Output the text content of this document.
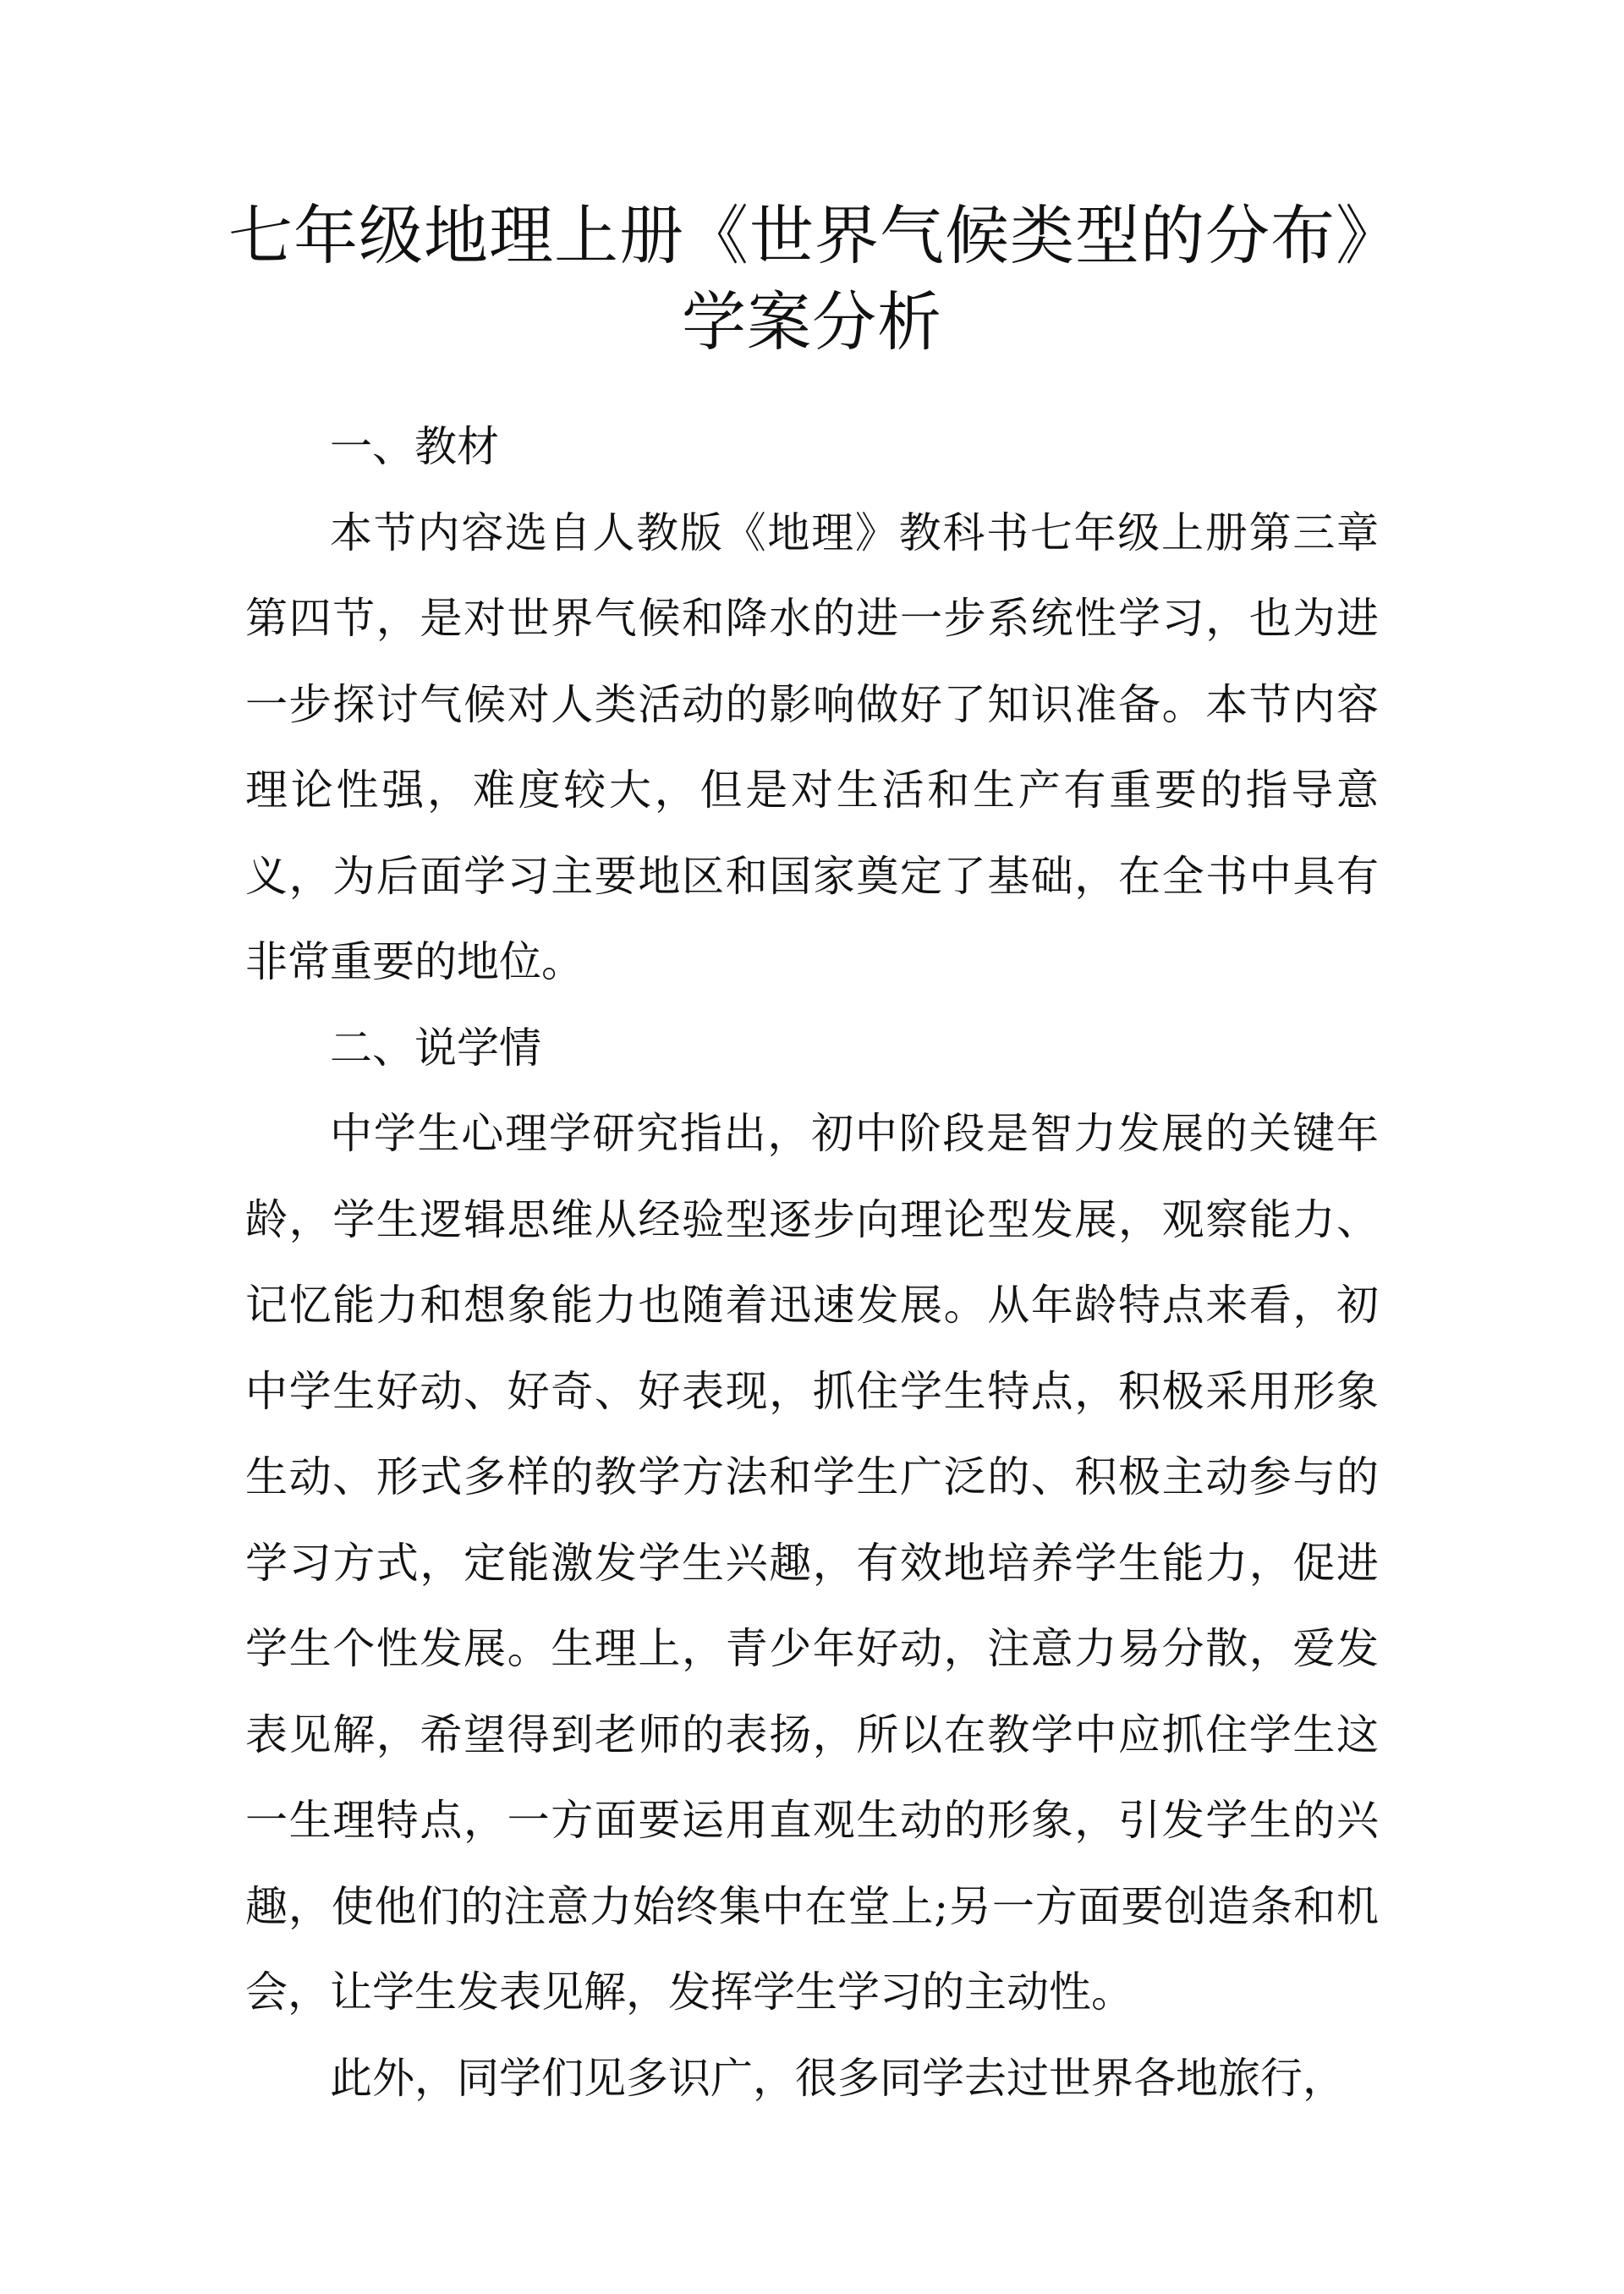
七年级地理上册《世界气候类型的分布》
学案分析

一、教材

本节内容选自人教版《地理》教科书七年级上册第三章第四节，是对世界气候和降水的进一步系统性学习，也为进一步探讨气候对人类活动的影响做好了知识准备。本节内容理论性强，难度较大，但是对生活和生产有重要的指导意义，为后面学习主要地区和国家奠定了基础，在全书中具有非常重要的地位。

二、说学情

中学生心理学研究指出，初中阶段是智力发展的关键年龄，学生逻辑思维从经验型逐步向理论型发展，观察能力、记忆能力和想象能力也随着迅速发展。从年龄特点来看，初中学生好动、好奇、好表现，抓住学生特点，积极采用形象生动、形式多样的教学方法和学生广泛的、积极主动参与的学习方式，定能激发学生兴趣，有效地培养学生能力，促进学生个性发展。生理上，青少年好动，注意力易分散，爱发表见解，希望得到老师的表扬，所以在教学中应抓住学生这一生理特点，一方面要运用直观生动的形象，引发学生的兴趣，使他们的注意力始终集中在堂上;另一方面要创造条和机会，让学生发表见解，发挥学生学习的主动性。

此外，同学们见多识广，很多同学去过世界各地旅行，
